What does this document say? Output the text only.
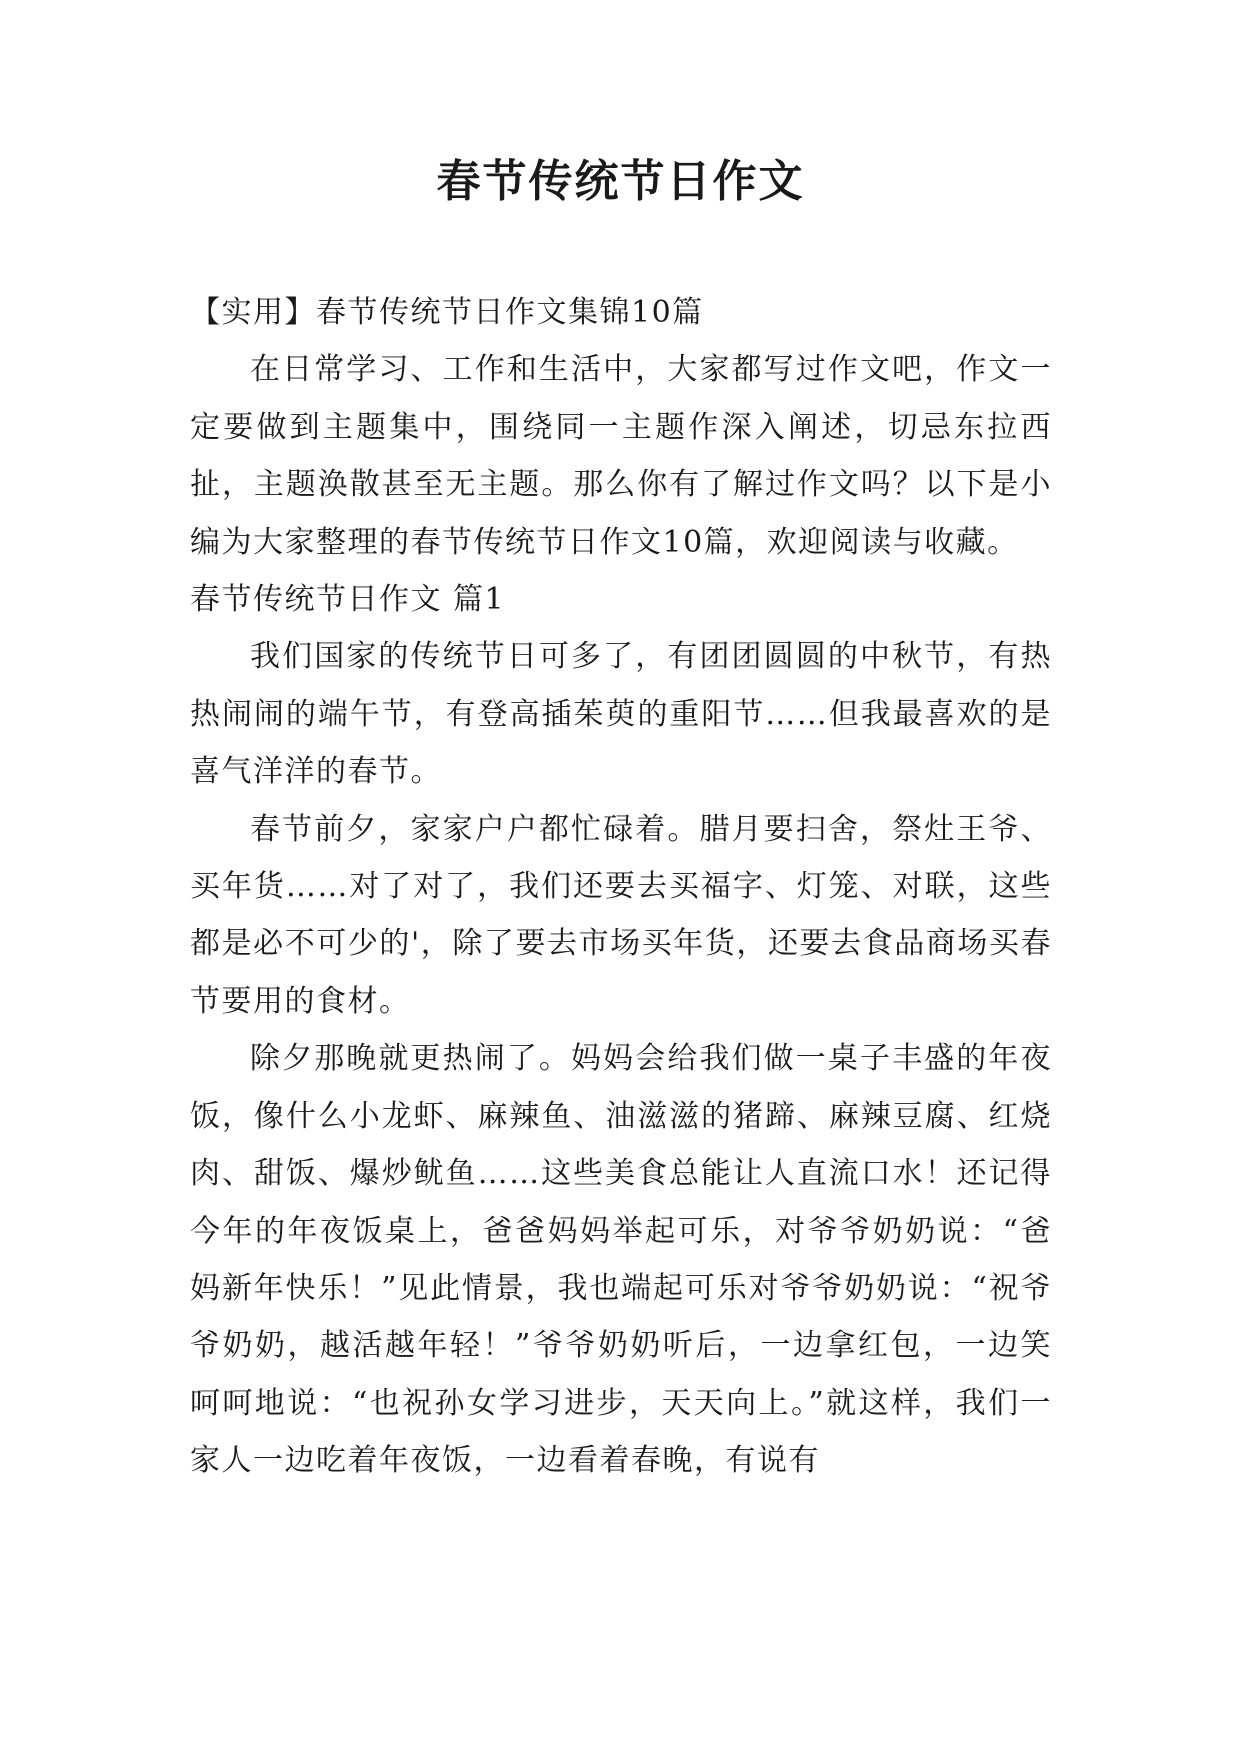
春节传统节日作文

【实用】春节传统节日作文集锦10篇

在日常学习、工作和生活中，大家都写过作文吧，作文一定要做到主题集中，围绕同一主题作深入阐述，切忌东拉西扯，主题涣散甚至无主题。那么你有了解过作文吗？以下是小编为大家整理的春节传统节日作文10篇，欢迎阅读与收藏。

春节传统节日作文 篇1

我们国家的传统节日可多了，有团团圆圆的中秋节，有热热闹闹的端午节，有登高插茱萸的重阳节……但我最喜欢的是喜气洋洋的春节。

春节前夕，家家户户都忙碌着。腊月要扫舍，祭灶王爷、买年货……对了对了，我们还要去买福字、灯笼、对联，这些都是必不可少的'，除了要去市场买年货，还要去食品商场买春节要用的食材。

除夕那晚就更热闹了。妈妈会给我们做一桌子丰盛的年夜饭，像什么小龙虾、麻辣鱼、油滋滋的猪蹄、麻辣豆腐、红烧肉、甜饭、爆炒鱿鱼……这些美食总能让人直流口水！还记得今年的年夜饭桌上，爸爸妈妈举起可乐，对爷爷奶奶说：“爸妈新年快乐！”见此情景，我也端起可乐对爷爷奶奶说：“祝爷爷奶奶，越活越年轻！”爷爷奶奶听后，一边拿红包，一边笑呵呵地说：“也祝孙女学习进步，天天向上。”就这样，我们一家人一边吃着年夜饭，一边看着春晚，有说有
